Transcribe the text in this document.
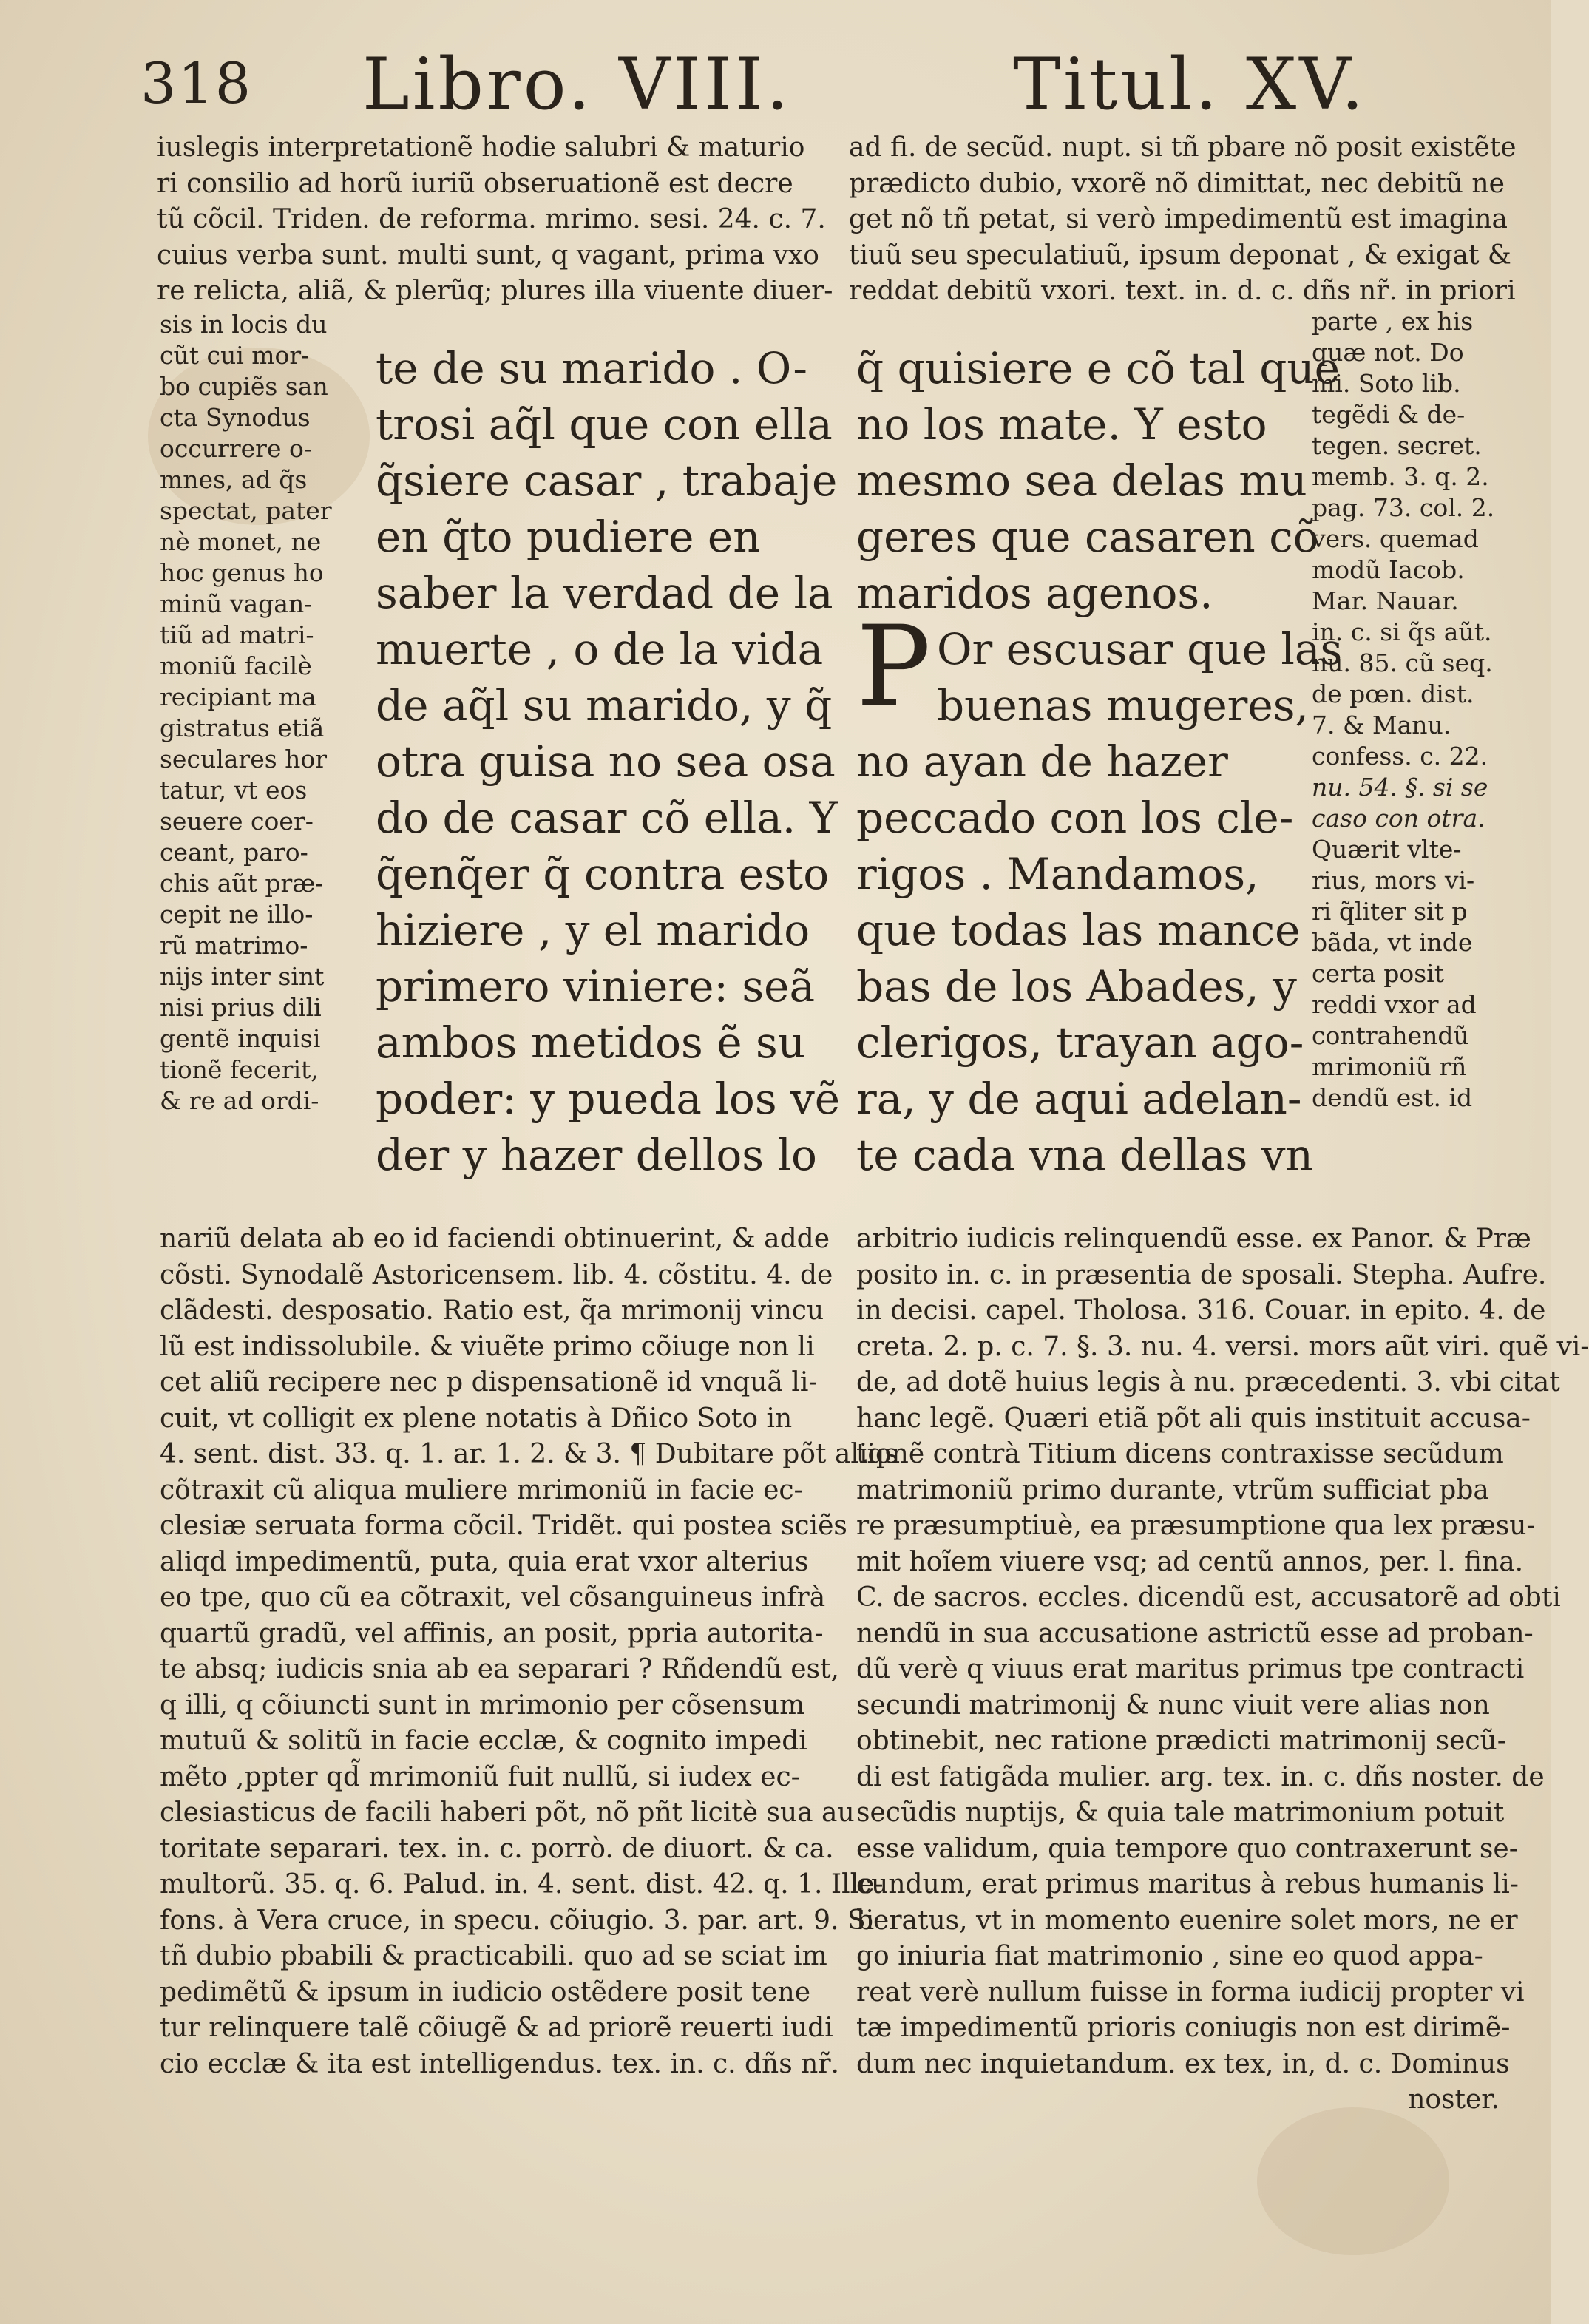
318 Libro. VIII.	Titul. XV.

iuslegis interpretationẽ hodie salubri & maturio

ri consilio ad horũ iuriũ obseruationẽ est decre

tũ cõcil. Triden. de reforma. mrimo. sesi. 24. c. 7.

cuius verba sunt. multi sunt, q vagant, prima vxo

re relicta, aliã, & plerũq; plures illa viuente diuer-

sis in locis du

cũt cui mor-

bo cupiẽs san

cta Synodus

occurrere o-

mnes, ad q̃s

spectat, pater

nè monet, ne

hoc genus ho

minũ vagan-

tiũ ad matri-

moniũ facilè

recipiant ma

gistratus etiã

seculares hor

tatur, vt eos

seuere coer-

ceant, paro-

chis aũt præ-

cepit ne illo-

rũ matrimo-

nijs inter sint

nisi prius dili

gentẽ inquisi

tionẽ fecerit,

& re ad ordi-

te de su marido . O-

trosi aq̃l que con ella

q̃siere casar , trabaje

en q̃to pudiere en

saber la verdad de la

muerte , o de la vida

de aq̃l su marido, y q̃

otra guisa no sea osa

do de casar cõ ella. Y

q̃enq̃er q̃ contra esto

hiziere , y el marido

primero viniere: seã

ambos metidos ẽ su

poder: y pueda los vẽ

der y hazer dellos lo

nariũ delata ab eo id faciendi obtinuerint, & adde

cõsti. Synodalẽ Astoricensem. lib. 4. cõstitu. 4. de

clãdesti. desposatio. Ratio est, q̃a mrimonij vincu

lũ est indissolubile. & viuẽte primo cõiuge non li

cet aliũ recipere nec p dispensationẽ id vnquã li-

cuit, vt colligit ex plene notatis à Dñico Soto in

4. sent. dist. 33. q. 1. ar. 1. 2. & 3. ¶ Dubitare põt aliqs

cõtraxit cũ aliqua muliere mrimoniũ in facie ec-

clesiæ seruata forma cõcil. Tridẽt. qui postea sciẽs

aliqd impedimentũ, puta, quia erat vxor alterius

eo tpe, quo cũ ea cõtraxit, vel cõsanguineus infrà

quartũ gradũ, vel affinis, an posit, ppria autorita-

te absq; iudicis snia ab ea separari ? Rñdendũ est,

q illi, q cõiuncti sunt in mrimonio per cõsensum

mutuũ & solitũ in facie ecclæ, & cognito impedi

mẽto ,ppter qd̃ mrimoniũ fuit nullũ, si iudex ec-

clesiasticus de facili haberi põt, nõ pñt licitè sua au

toritate separari. tex. in. c. porrò. de diuort. & ca.

multorũ. 35. q. 6. Palud. in. 4. sent. dist. 42. q. 1. Ille-

fons. à Vera cruce, in specu. cõiugio. 3. par. art. 9. Si

tñ dubio pbabili & practicabili. quo ad se sciat im

pedimẽtũ & ipsum in iudicio ostẽdere posit tene

tur relinquere talẽ cõiugẽ & ad priorẽ reuerti iudi

cio ecclæ & ita est intelligendus. tex. in. c. dñs nr̃.

ad fi. de secũd. nupt. si tñ pbare nõ posit existẽte

prædicto dubio, vxorẽ nõ dimittat, nec debitũ ne

get nõ tñ petat, si verò impedimentũ est imagina

tiuũ seu speculatiuũ, ipsum deponat , & exigat &

reddat debitũ vxori. text. in. d. c. dñs nr̃. in priori

q̃ quisiere e cõ tal que

no los mate. Y esto

mesmo sea delas mu

geres que casaren cõ

maridos agenos.

P Or escusar que las

buenas mugeres,

no ayan de hazer

peccado con los cle-

rigos . Mandamos,

que todas las mance

bas de los Abades, y

clerigos, trayan ago-

ra, y de aqui adelan-

te cada vna dellas vn

parte , ex his

quæ not. Do

mi. Soto lib.

tegẽdi & de-

tegen. secret.

memb. 3. q. 2.

pag. 73. col. 2.

vers. quemad

modũ Iacob.

Mar. Nauar.

in. c. si q̃s aũt.

nu. 85. cũ seq.

de pœn. dist.

7. & Manu.

confess. c. 22.

nu. 54. §. si se

caso con otra.

Quærit vlte-

rius, mors vi-

ri q̃liter sit p

bãda, vt inde

certa posit

reddi vxor ad

contrahendũ

mrimoniũ rñ

dendũ est. id

arbitrio iudicis relinquendũ esse. ex Panor. & Præ

posito in. c. in præsentia de sposali. Stepha. Aufre.

in decisi. capel. Tholosa. 316. Couar. in epito. 4. de

creta. 2. p. c. 7. §. 3. nu. 4. versi. mors aũt viri. quẽ vi-

de, ad dotẽ huius legis à nu. præcedenti. 3. vbi citat

hanc legẽ. Quæri etiã põt ali quis instituit accusa-

tionẽ contrà Titium dicens contraxisse secũdum

matrimoniũ primo durante, vtrũm sufficiat pba

re præsumptiuè, ea præsumptione qua lex præsu-

mit hoĩem viuere vsq; ad centũ annos, per. l. fina.

C. de sacros. eccles. dicendũ est, accusatorẽ ad obti

nendũ in sua accusatione astrictũ esse ad proban-

dũ verè q viuus erat maritus primus tpe contracti

secundi matrimonij & nunc viuit vere alias non

obtinebit, nec ratione prædicti matrimonij secũ-

di est fatigãda mulier. arg. tex. in. c. dñs noster. de

secũdis nuptijs, & quia tale matrimonium potuit

esse validum, quia tempore quo contraxerunt se-

cundum, erat primus maritus à rebus humanis li-

beratus, vt in momento euenire solet mors, ne er

go iniuria fiat matrimonio , sine eo quod appa-

reat verè nullum fuisse in forma iudicij propter vi

tæ impedimentũ prioris coniugis non est dirimẽ-

dum nec inquietandum. ex tex, in, d. c. Dominus

noster.
